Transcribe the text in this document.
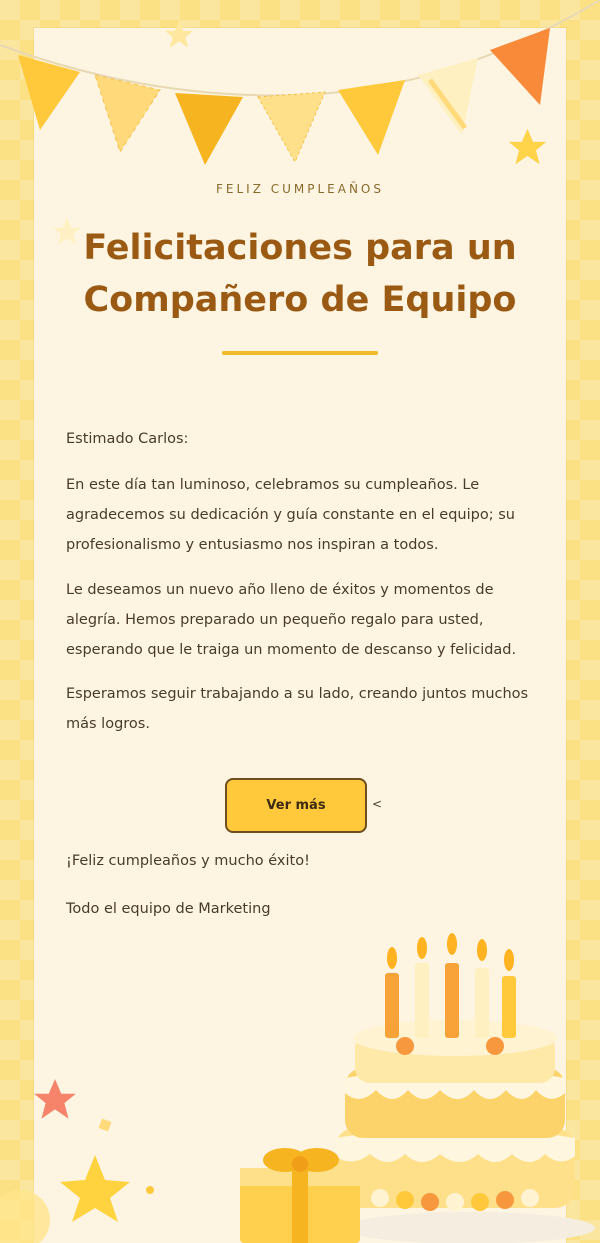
FELIZ CUMPLEAÑOS
Felicitaciones para un
Compañero de Equipo

Estimado Carlos:

En este día tan luminoso, celebramos su cumpleaños. Le agradecemos su dedicación y guía constante en el equipo; su profesionalismo y entusiasmo nos inspiran a todos.

Le deseamos un nuevo año lleno de éxitos y momentos de alegría. Hemos preparado un pequeño regalo para usted, esperando que le traiga un momento de descanso y felicidad.

Esperamos seguir trabajando a su lado, creando juntos muchos más logros.

Ver más	<

¡Feliz cumpleaños y mucho éxito!

Todo el equipo de Marketing
